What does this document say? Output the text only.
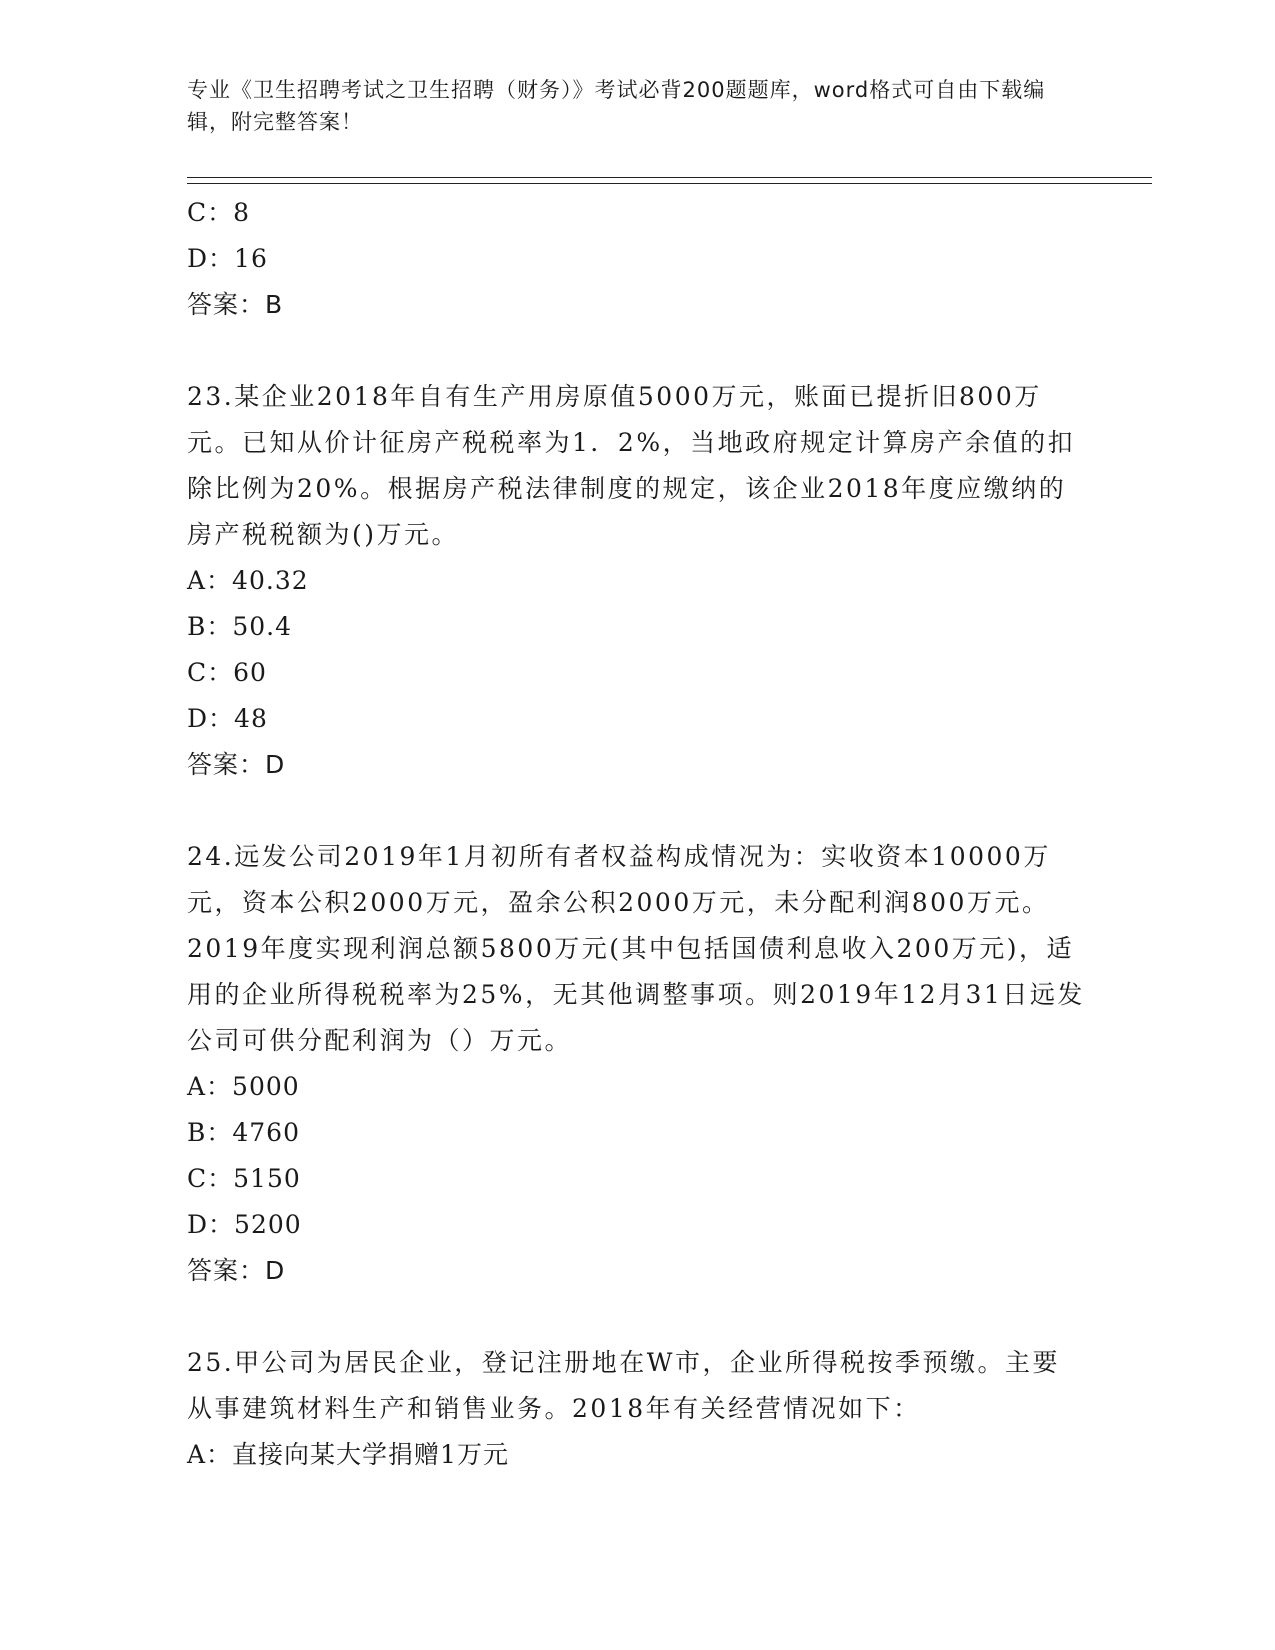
专业《卫生招聘考试之卫生招聘（财务）》考试必背200题题库，word格式可自由下载编辑，附完整答案！
C：8
D：16
答案：B
23.某企业2018年自有生产用房原值5000万元，账面已提折旧800万元。已知从价计征房产税税率为1．2%，当地政府规定计算房产余值的扣除比例为20%。根据房产税法律制度的规定，该企业2018年度应缴纳的房产税税额为()万元。
A：40.32
B：50.4
C：60
D：48
答案：D
24.远发公司2019年1月初所有者权益构成情况为：实收资本10000万元，资本公积2000万元，盈余公积2000万元，未分配利润800万元。2019年度实现利润总额5800万元(其中包括国债利息收入200万元)，适用的企业所得税税率为25%，无其他调整事项。则2019年12月31日远发公司可供分配利润为（）万元。
A：5000
B：4760
C：5150
D：5200
答案：D
25.甲公司为居民企业，登记注册地在W市，企业所得税按季预缴。主要从事建筑材料生产和销售业务。2018年有关经营情况如下：
A：直接向某大学捐赠1万元
